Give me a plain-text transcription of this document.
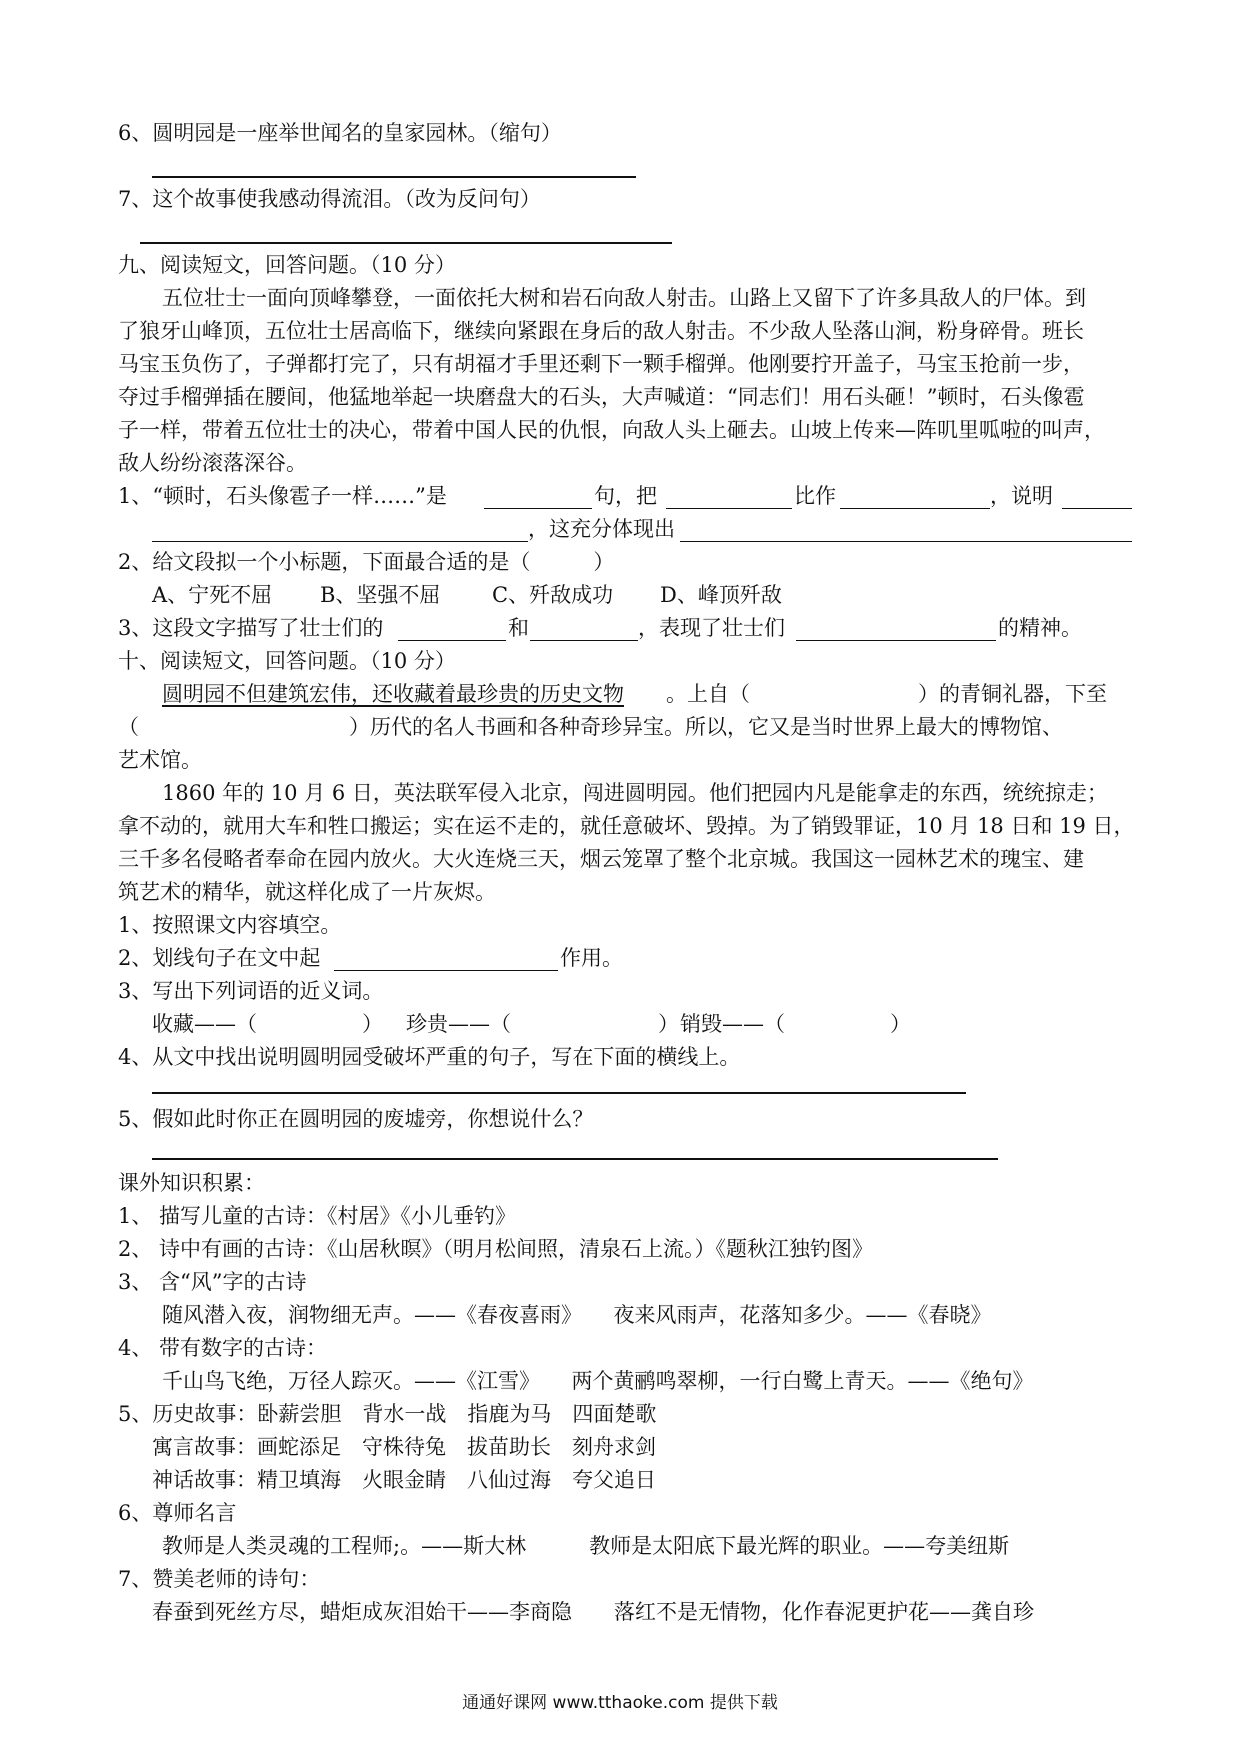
6、圆明园是一座举世闻名的皇家园林。（缩句）
7、这个故事使我感动得流泪。（改为反问句）
九、阅读短文，回答问题。（10 分）
五位壮士一面向顶峰攀登，一面依托大树和岩石向敌人射击。山路上又留下了许多具敌人的尸体。到
了狼牙山峰顶，五位壮士居高临下，继续向紧跟在身后的敌人射击。不少敌人坠落山涧，粉身碎骨。班长
马宝玉负伤了，子弹都打完了，只有胡福才手里还剩下一颗手榴弹。他刚要拧开盖子，马宝玉抢前一步，
夺过手榴弹插在腰间，他猛地举起一块磨盘大的石头，大声喊道：“同志们！用石头砸！”顿时，石头像雹
子一样，带着五位壮士的决心，带着中国人民的仇恨，向敌人头上砸去。山坡上传来—阵叽里呱啦的叫声，
敌人纷纷滚落深谷。
1、“顿时，石头像雹子一样……”是	句，把	比作	，说明
，这充分体现出
2、给文段拟一个小标题，下面最合适的是（　　　）
A、宁死不屈 B、坚强不屈 C、歼敌成功 D、峰顶歼敌
3、这段文字描写了壮士们的	和	，表现了壮士们	的精神。
十、阅读短文，回答问题。（10 分）
圆明园不但建筑宏伟，还收藏着最珍贵的历史文物 。上自（　　　　　　　　）的青铜礼器，下至
（　　　　　　　　　　）历代的名人书画和各种奇珍异宝。所以，它又是当时世界上最大的博物馆、
艺术馆。
1860 年的 10 月 6 日，英法联军侵入北京，闯进圆明园。他们把园内凡是能拿走的东西，统统掠走；
拿不动的，就用大车和牲口搬运；实在运不走的，就任意破坏、毁掉。为了销毁罪证，10 月 18 日和 19 日，
三千多名侵略者奉命在园内放火。大火连烧三天，烟云笼罩了整个北京城。我国这一园林艺术的瑰宝、建
筑艺术的精华，就这样化成了一片灰烬。
1、按照课文内容填空。
2、划线句子在文中起	作用。
3、写出下列词语的近义词。
收藏——（　　　　　） 珍贵——（　　　　　　　） 销毁——（　　　　　）
4、从文中找出说明圆明园受破坏严重的句子，写在下面的横线上。
5、假如此时你正在圆明园的废墟旁，你想说什么？
课外知识积累：
1、 描写儿童的古诗：《村居》《小儿垂钓》
2、 诗中有画的古诗：《山居秋暝》（明月松间照，清泉石上流。）《题秋江独钓图》
3、 含“风”字的古诗
随风潜入夜，润物细无声。——《春夜喜雨》　　夜来风雨声，花落知多少。——《春晓》
4、 带有数字的古诗：
千山鸟飞绝，万径人踪灭。——《江雪》　　两个黄鹂鸣翠柳，一行白鹭上青天。——《绝句》
5、历史故事：卧薪尝胆　背水一战　指鹿为马　四面楚歌
寓言故事：画蛇添足　守株待兔　拔苗助长　刻舟求剑
神话故事：精卫填海　火眼金睛　八仙过海　夸父追日
6、尊师名言
教师是人类灵魂的工程师;。——斯大林　　　教师是太阳底下最光辉的职业。——夸美纽斯
7、赞美老师的诗句：
春蚕到死丝方尽，蜡炬成灰泪始干——李商隐　　落红不是无情物，化作春泥更护花——龚自珍
通通好课网 www.tthaoke.com 提供下载
